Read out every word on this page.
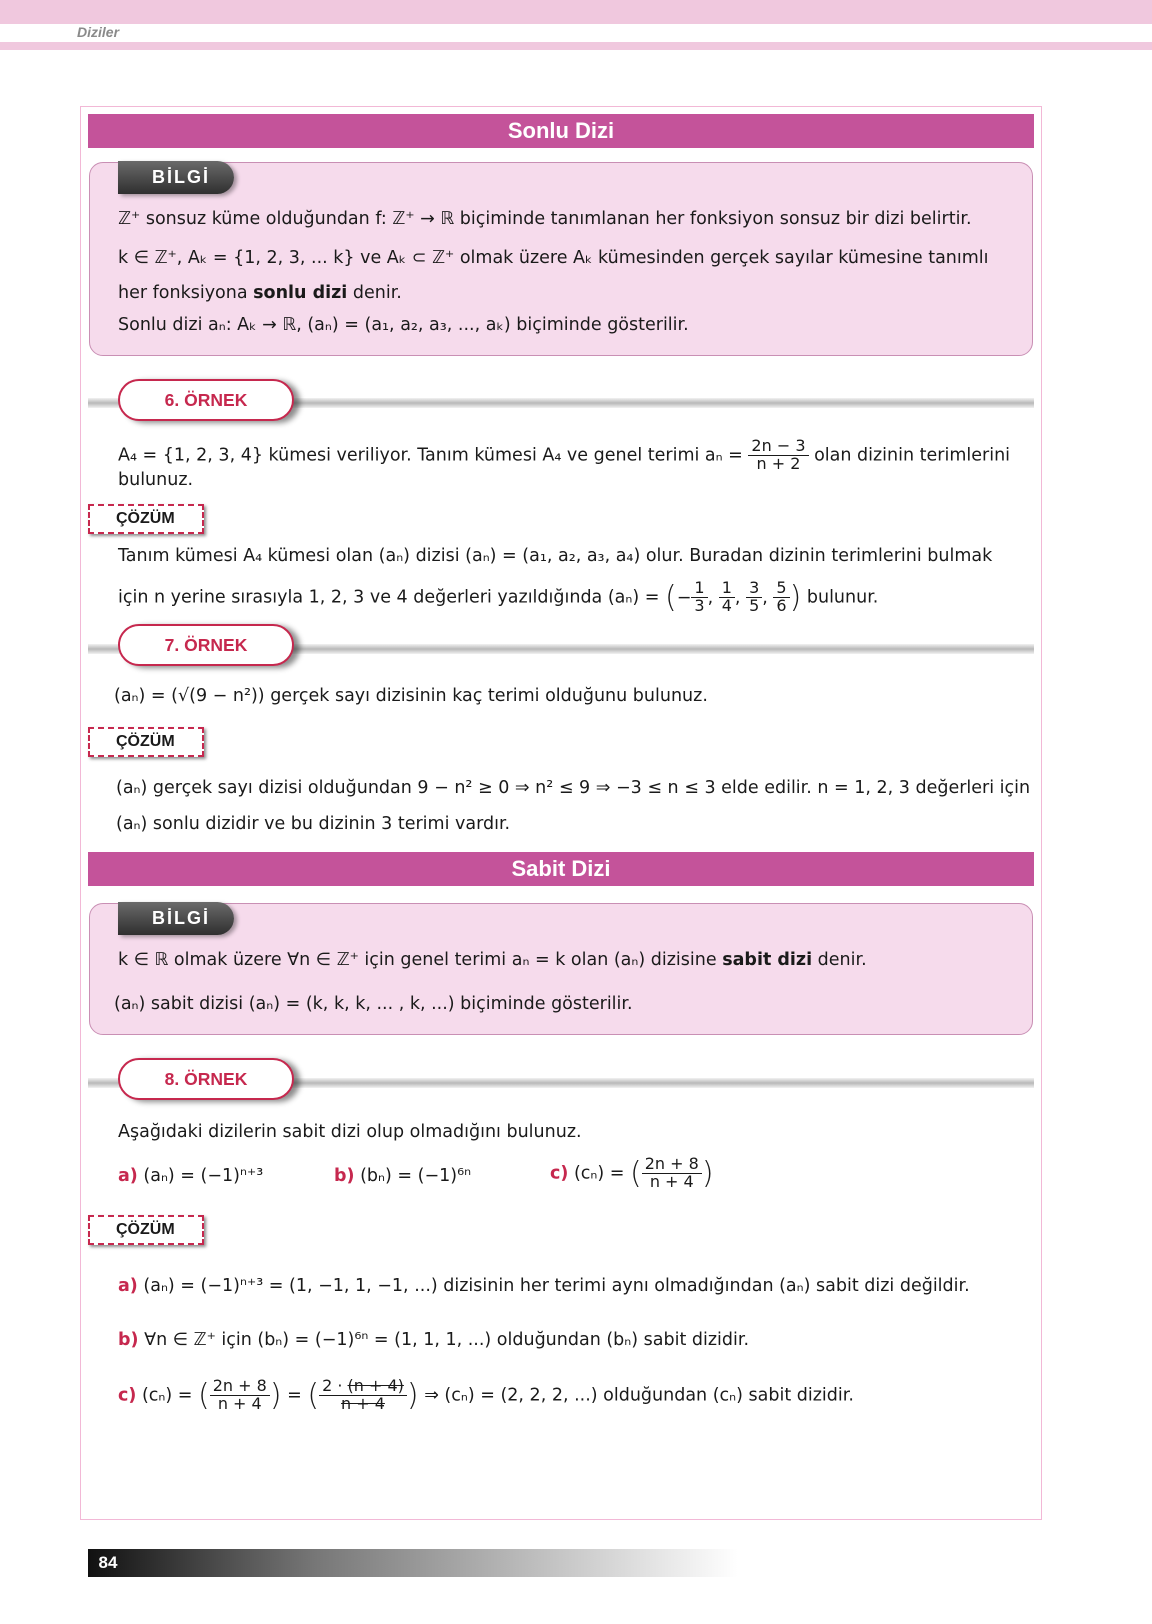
Diziler
Sonlu Dizi
BİLGİ
ℤ⁺ sonsuz küme olduğundan f: ℤ⁺ → ℝ biçiminde tanımlanan her fonksiyon sonsuz bir dizi belirtir.
k ∈ ℤ⁺, Aₖ = {1, 2, 3, ... k} ve Aₖ ⊂ ℤ⁺ olmak üzere Aₖ kümesinden gerçek sayılar kümesine tanımlı
her fonksiyona sonlu dizi denir.
Sonlu dizi aₙ: Aₖ → ℝ, (aₙ) = (a₁, a₂, a₃, ..., aₖ) biçiminde gösterilir.
6. ÖRNEK
A₄ = {1, 2, 3, 4} kümesi veriliyor. Tanım kümesi A₄ ve genel terimi $a_n = \frac{2n - 3}{n + 2}$ olan dizinin terimlerini
bulunuz.
ÇÖZÜM
Tanım kümesi A₄ kümesi olan (aₙ) dizisi (aₙ) = (a₁, a₂, a₃, a₄) olur. Buradan dizinin terimlerini bulmak
için n yerine sırasıyla 1, 2, 3 ve 4 değerleri yazıldığında (aₙ) = (− $\frac{1}{3}$ , $\frac{1}{4}$ , $\frac{3}{5}$ , $\frac{5}{6}$ ) bulunur.
7. ÖRNEK
(aₙ) = (√(9 − n²)) gerçek sayı dizisinin kaç terimi olduğunu bulunuz.
ÇÖZÜM
(aₙ) gerçek sayı dizisi olduğundan 9 − n² ≥ 0 ⇒ n² ≤ 9 ⇒ −3 ≤ n ≤ 3 elde edilir. n = 1, 2, 3 değerleri için
(aₙ) sonlu dizidir ve bu dizinin 3 terimi vardır.
Sabit Dizi
BİLGİ
k ∈ ℝ olmak üzere ∀n ∈ ℤ⁺ için genel terimi aₙ = k olan (aₙ) dizisine sabit dizi denir.
(aₙ) sabit dizisi (aₙ) = (k, k, k, ... , k, ...) biçiminde gösterilir.
8. ÖRNEK
Aşağıdaki dizilerin sabit dizi olup olmadığını bulunuz.
a) (aₙ) = (−1)ⁿ⁺³	b) (bₙ) = (−1)⁶ⁿ	c) (cₙ) = ( $\frac{2n + 8}{n + 4}$ )
ÇÖZÜM
a) (aₙ) = (−1)ⁿ⁺³ = (1, −1, 1, −1, ...) dizisinin her terimi aynı olmadığından (aₙ) sabit dizi değildir.
b) ∀n ∈ ℤ⁺ için (bₙ) = (−1)⁶ⁿ = (1, 1, 1, ...) olduğundan (bₙ) sabit dizidir.
c) (cₙ) = ( $\frac{2n + 8}{n + 4}$ ) = ( $\frac{2 \cdot (n + 4)}{n + 4}$ ) ⇒ (cₙ) = (2, 2, 2, ...) olduğundan (cₙ) sabit dizidir.
84
